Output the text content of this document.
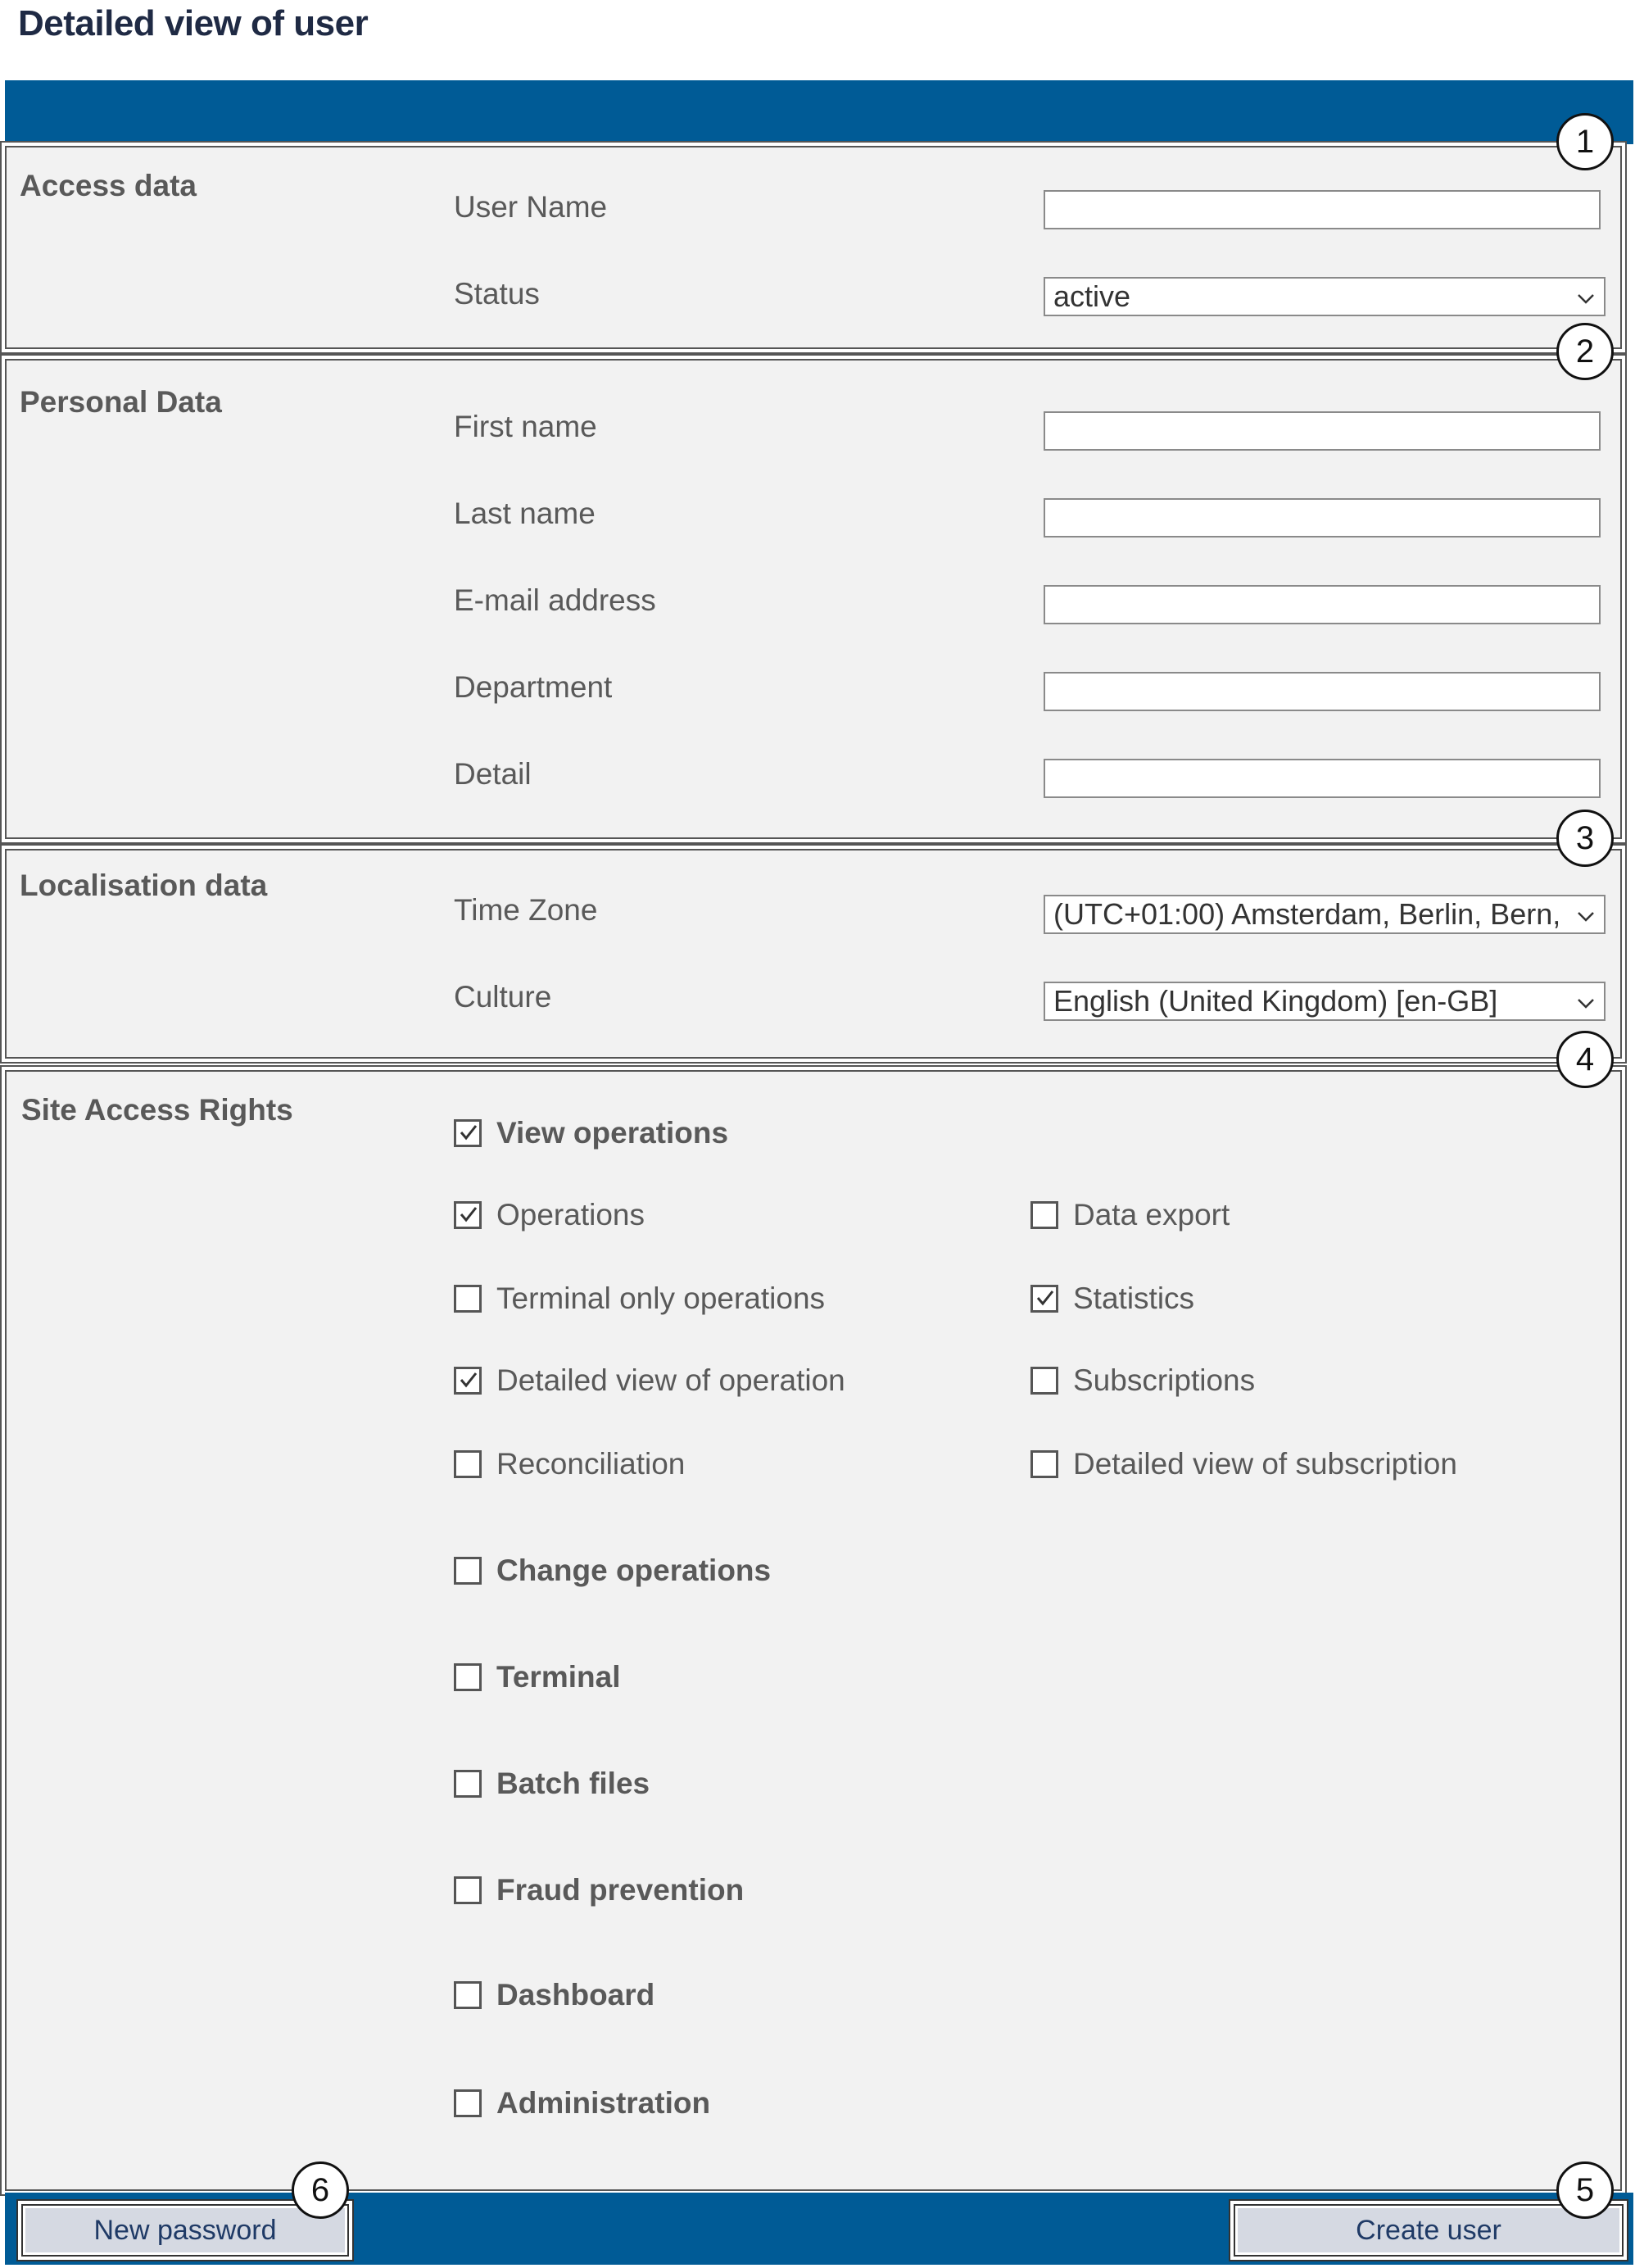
Detailed view of user
Access data
User Name
Status	active
Personal Data
First name
Last name
E-mail address
Department
Detail
Localisation data
Time Zone	(UTC+01:00) Amsterdam, Berlin, Bern,
Culture	English (United Kingdom) [en-GB]
Site Access Rights
View operations
Operations	Data export
Terminal only operations	Statistics
Detailed view of operation	Subscriptions
Reconciliation	Detailed view of subscription
Change operations
Terminal
Batch files
Fraud prevention
Dashboard
Administration
New password	Create user
1
2
3
4
5
6
